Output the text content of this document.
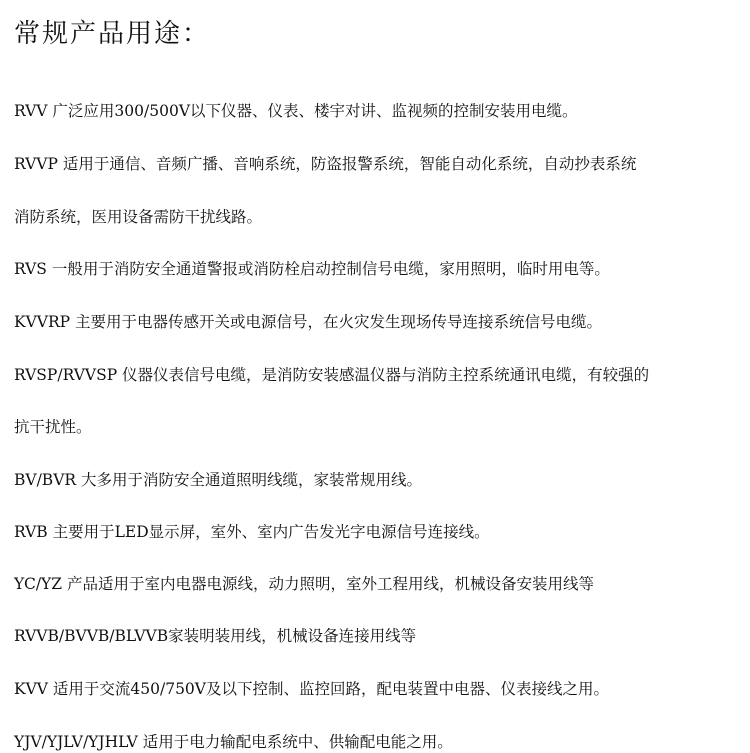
常规产品用途：
RVV 广泛应用300/500V以下仪器、仪表、楼宇对讲、监视频的控制安装用电缆。
RVVP 适用于通信、音频广播、音响系统，防盗报警系统，智能自动化系统，自动抄表系统
消防系统，医用设备需防干扰线路。
RVS 一般用于消防安全通道警报或消防栓启动控制信号电缆，家用照明，临时用电等。
KVVRP 主要用于电器传感开关或电源信号，在火灾发生现场传导连接系统信号电缆。
RVSP/RVVSP 仪器仪表信号电缆，是消防安装感温仪器与消防主控系统通讯电缆，有较强的
抗干扰性。
BV/BVR 大多用于消防安全通道照明线缆，家装常规用线。
RVB 主要用于LED显示屏，室外、室内广告发光字电源信号连接线。
YC/YZ 产品适用于室内电器电源线，动力照明，室外工程用线，机械设备安装用线等
RVVB/BVVB/BLVVB家装明装用线，机械设备连接用线等
KVV 适用于交流450/750V及以下控制、监控回路，配电装置中电器、仪表接线之用。
YJV/YJLV/YJHLV 适用于电力输配电系统中、供输配电能之用。
